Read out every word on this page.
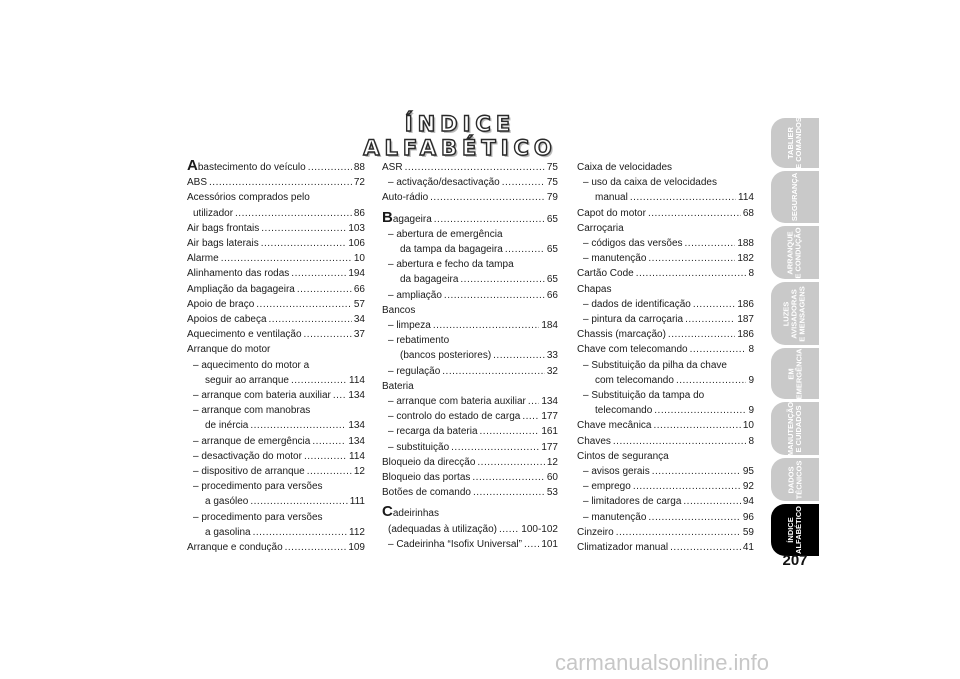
ÍNDICE ALFABÉTICO
Abastecimento do veículo .....	88
ABS .....	72
Acessórios comprados pelo
utilizador .....	86
Air bags frontais .....	103
Air bags laterais .....	106
Alarme .....	10
Alinhamento das rodas .....	194
Ampliação da bagageira .....	66
Apoio de braço .....	57
Apoios de cabeça .....	34
Aquecimento e ventilação .....	37
Arranque do motor
– aquecimento do motor a
seguir ao arranque .....	114
– arranque com bateria auxiliar ..... 134
– arranque com manobras
de inércia .....	134
– arranque de emergência .....	134
– desactivação do motor .....	114
– dispositivo de arranque .....	12
– procedimento para versões
a gasóleo .....	111
– procedimento para versões
a gasolina .....	112
Arranque e condução .....	109
ASR .....	75
– activação/desactivação .....	75
Auto-rádio .....	79
Bagageira .....	65
– abertura de emergência
da tampa da bagageira .....	65
– abertura e fecho da tampa
da bagageira .....	65
– ampliação .....	66
Bancos
– limpeza .....	184
– rebatimento
(bancos posteriores) .....	33
– regulação .....	32
Bateria
– arranque com bateria auxiliar ..... 134
– controlo do estado de carga ..... 177
– recarga da bateria .....	161
– substituição .....	177
Bloqueio da direcção .....	12
Bloqueio das portas .....	60
Botões de comando .....	53
Cadeirinhas
(adequadas à utilização) ..... 100-102
– Cadeirinha “Isofix Universal” ..... 101
Caixa de velocidades
– uso da caixa de velocidades
manual .....	114
Capot do motor .....	68
Carroçaria
– códigos das versões .....	188
– manutenção .....	182
Cartão Code .....	8
Chapas
– dados de identificação .....	186
– pintura da carroçaria .....	187
Chassis (marcação) .....	186
Chave com telecomando .....	8
– Substituição da pilha da chave
com telecomando .....	9
– Substituição da tampa do
telecomando .....	9
Chave mecânica .....	10
Chaves .....	8
Cintos de segurança
– avisos gerais .....	95
– emprego .....	92
– limitadores de carga .....	94
– manutenção .....	96
Cinzeiro .....	59
Climatizador manual .....	41
TABLIER
E COMANDOS
SEGURANÇA
ARRANQUE
E CONDUÇÃO
LUZES
AVISADORAS
E MENSAGENS
EM
EMERGÊNCIA
MANUTENÇÃO
E CUIDADOS
DADOS
TÉCNICOS
ÍNDICE
ALFABÉTICO
207
carmanualsonline.info
